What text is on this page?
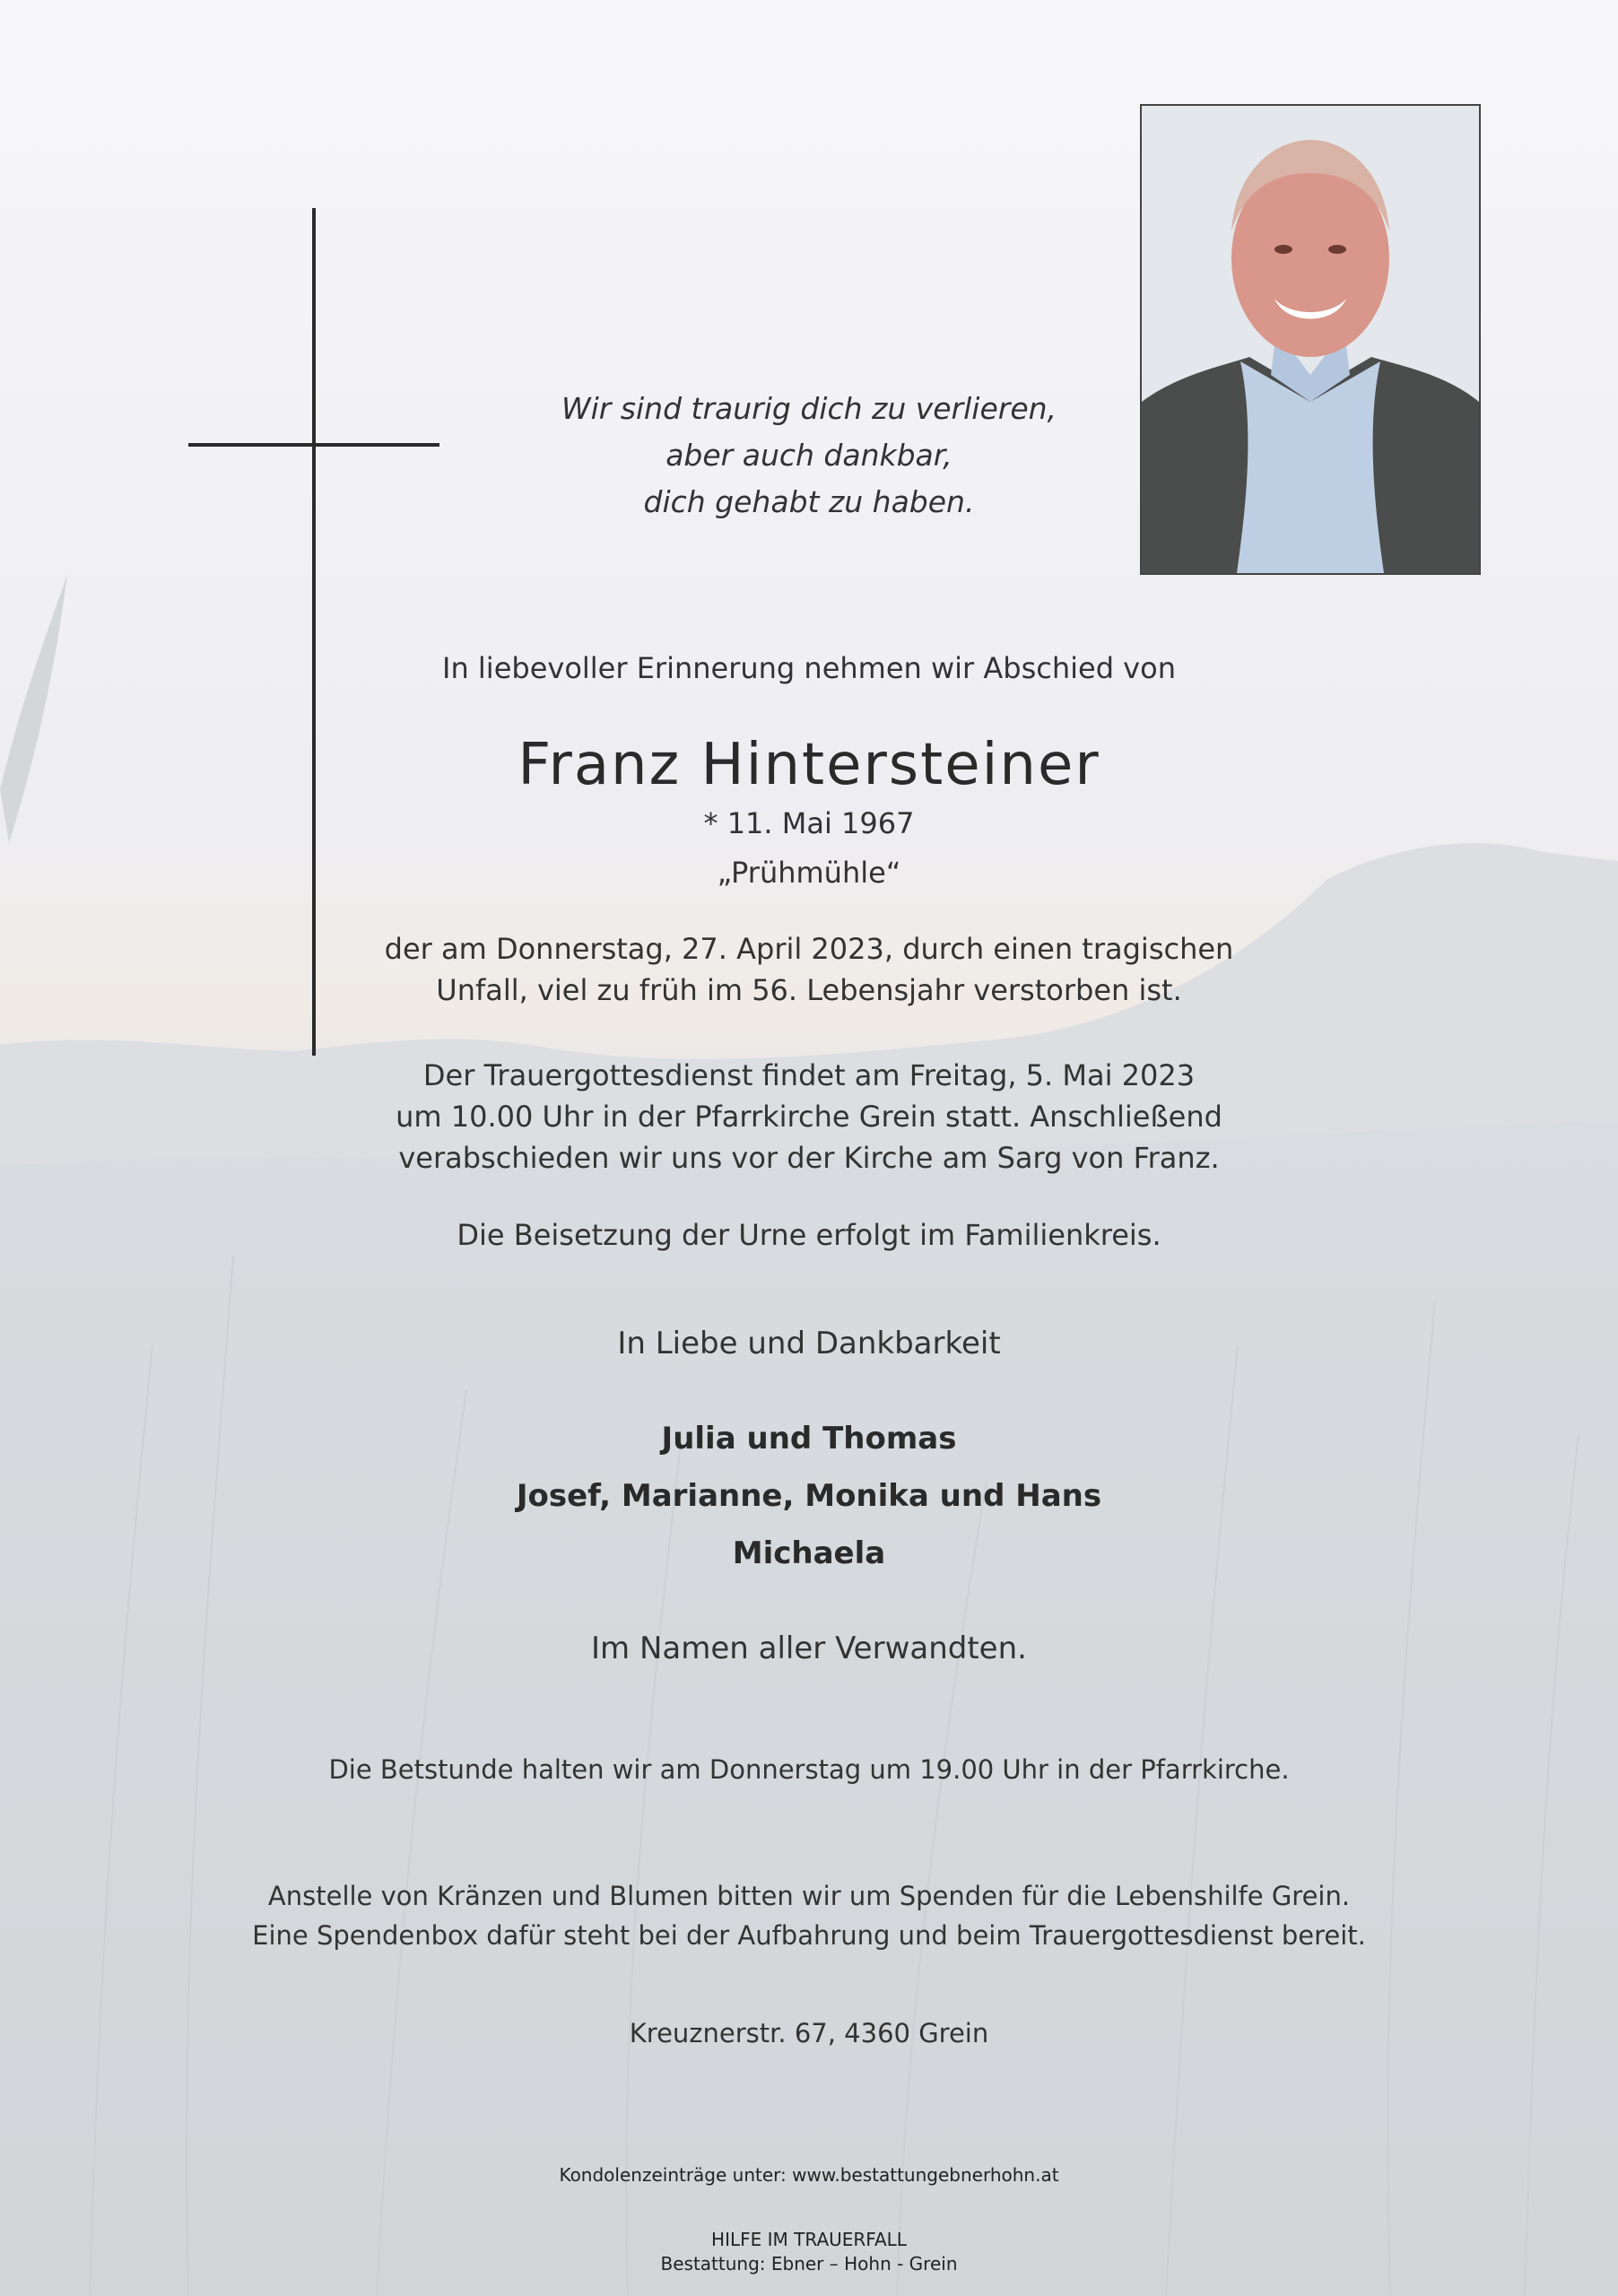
Wir sind traurig dich zu verlieren,
aber auch dankbar,
dich gehabt zu haben.
In liebevoller Erinnerung nehmen wir Abschied von
Franz Hintersteiner
* 11. Mai 1967
„Prühmühle“
der am Donnerstag, 27. April 2023, durch einen tragischen
Unfall, viel zu früh im 56. Lebensjahr verstorben ist.
Der Trauergottesdienst findet am Freitag, 5. Mai 2023
um 10.00 Uhr in der Pfarrkirche Grein statt. Anschließend
verabschieden wir uns vor der Kirche am Sarg von Franz.
Die Beisetzung der Urne erfolgt im Familienkreis.
In Liebe und Dankbarkeit
Julia und Thomas
Josef, Marianne, Monika und Hans
Michaela
Im Namen aller Verwandten.
Die Betstunde halten wir am Donnerstag um 19.00 Uhr in der Pfarrkirche.
Anstelle von Kränzen und Blumen bitten wir um Spenden für die Lebenshilfe Grein.
Eine Spendenbox dafür steht bei der Aufbahrung und beim Trauergottesdienst bereit.
Kreuznerstr. 67, 4360 Grein
Kondolenzeinträge unter: www.bestattungebnerhohn.at
HILFE IM TRAUERFALL
Bestattung: Ebner – Hohn - Grein
